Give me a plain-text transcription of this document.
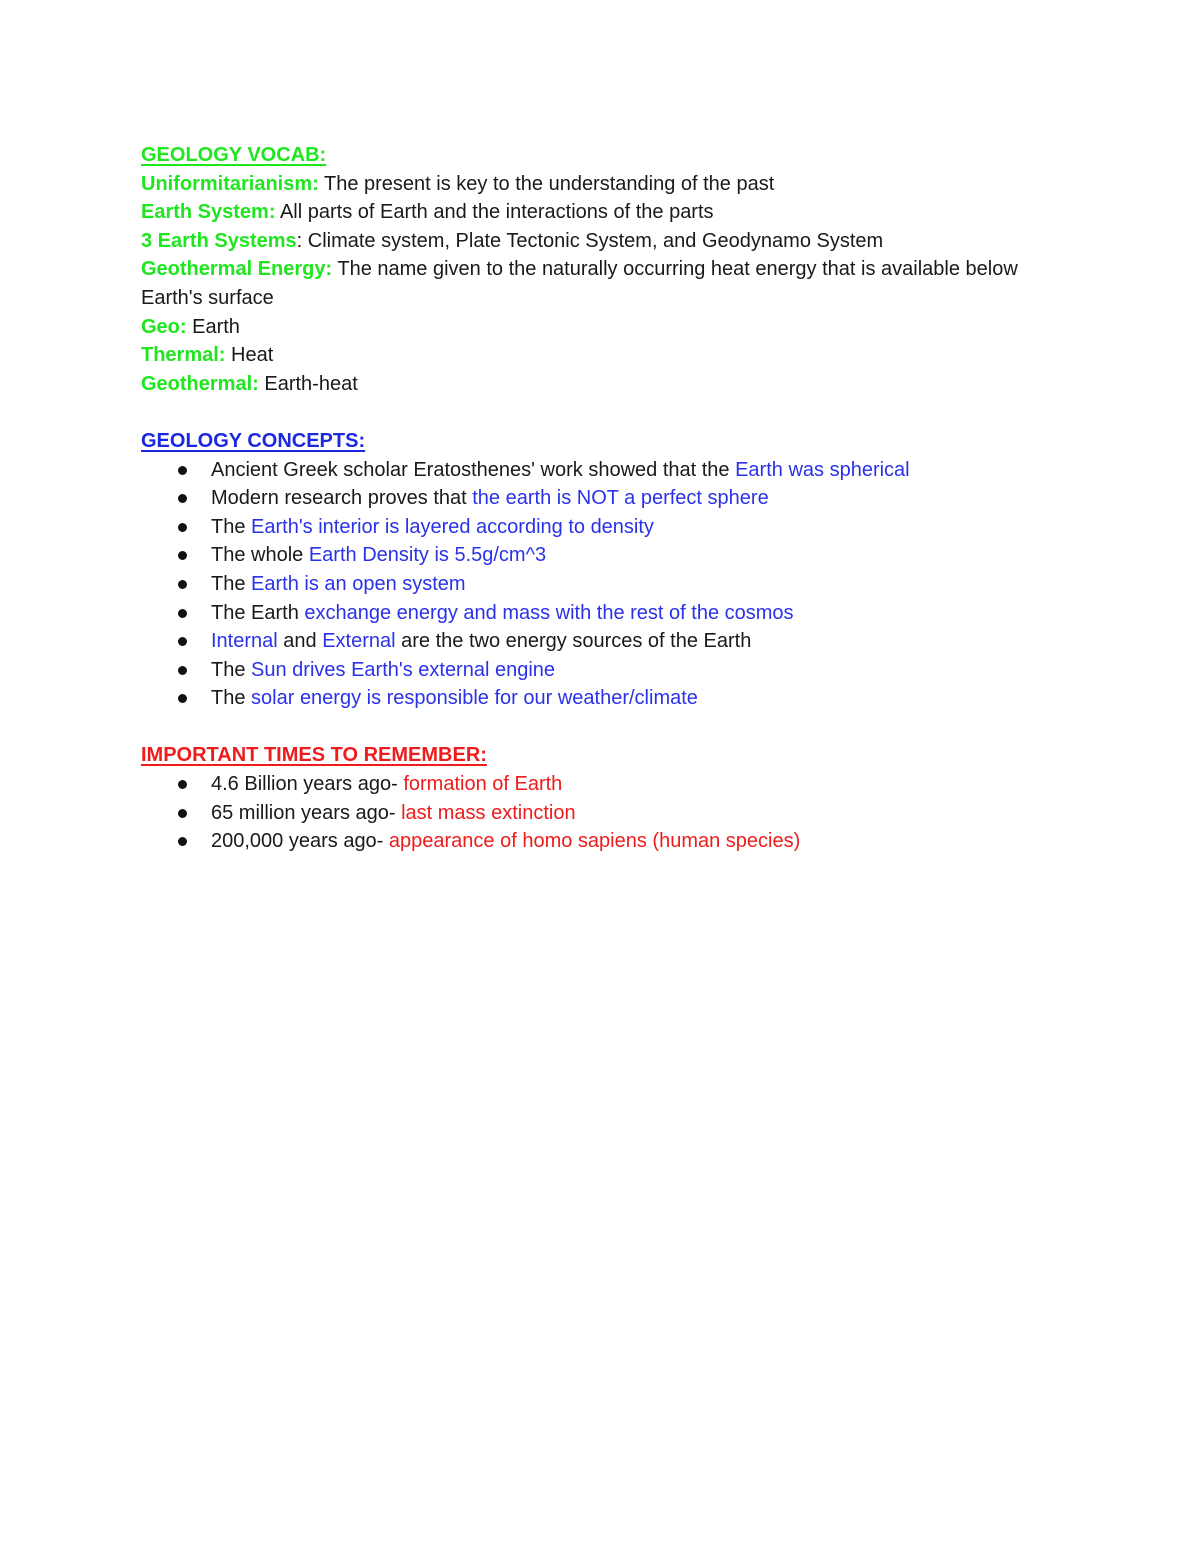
GEOLOGY VOCAB:
Uniformitarianism: The present is key to the understanding of the past
Earth System: All parts of Earth and the interactions of the parts
3 Earth Systems: Climate system, Plate Tectonic System, and Geodynamo System
Geothermal Energy: The name given to the naturally occurring heat energy that is available below Earth's surface
Geo: Earth
Thermal: Heat
Geothermal: Earth-heat
GEOLOGY CONCEPTS:
Ancient Greek scholar Eratosthenes' work showed that the Earth was spherical
Modern research proves that the earth is NOT a perfect sphere
The Earth's interior is layered according to density
The whole Earth Density is 5.5g/cm^3
The Earth is an open system
The Earth exchange energy and mass with the rest of the cosmos
Internal and External are the two energy sources of the Earth
The Sun drives Earth's external engine
The solar energy is responsible for our weather/climate
IMPORTANT TIMES TO REMEMBER:
4.6 Billion years ago- formation of Earth
65 million years ago- last mass extinction
200,000 years ago- appearance of homo sapiens (human species)
